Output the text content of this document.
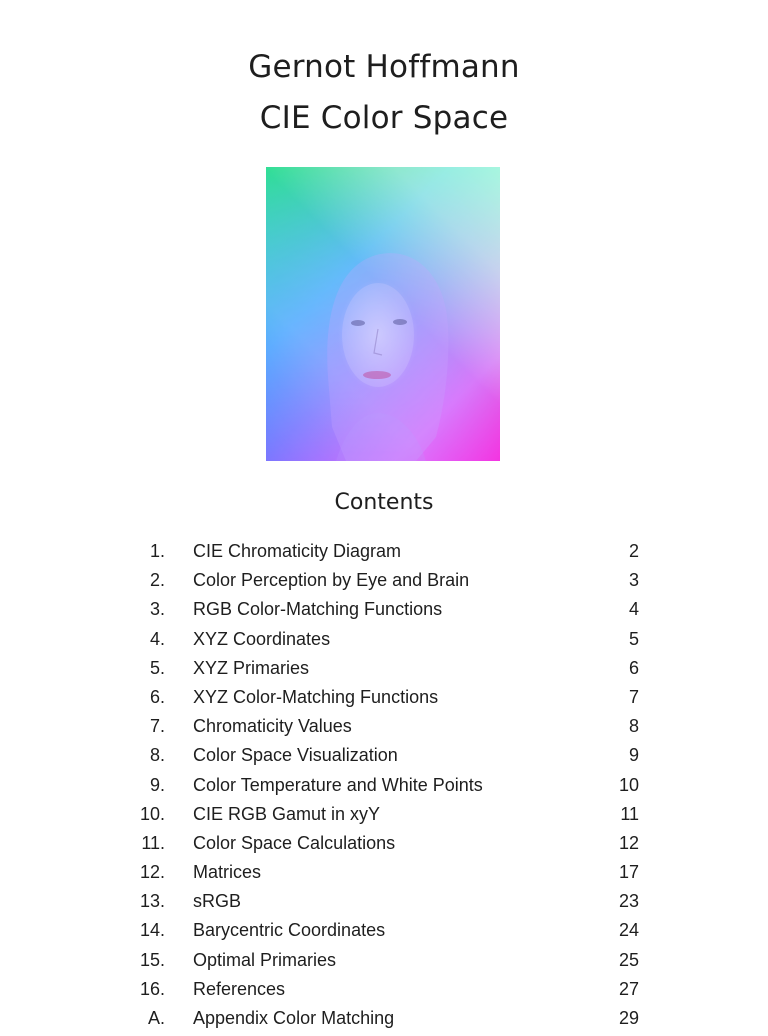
Gernot Hoffmann
CIE Color Space
Contents
1. CIE Chromaticity Diagram	2
2. Color Perception by Eye and Brain	3
3. RGB Color-Matching Functions	4
4. XYZ Coordinates	5
5. XYZ Primaries	6
6. XYZ Color-Matching Functions	7
7. Chromaticity Values	8
8. Color Space Visualization	9
9. Color Temperature and White Points	10
10. CIE RGB Gamut in xyY	11
11. Color Space Calculations	12
12. Matrices	17
13. sRGB	23
14. Barycentric Coordinates	24
15. Optimal Primaries	25
16. References	27
A. Appendix Color Matching	29
